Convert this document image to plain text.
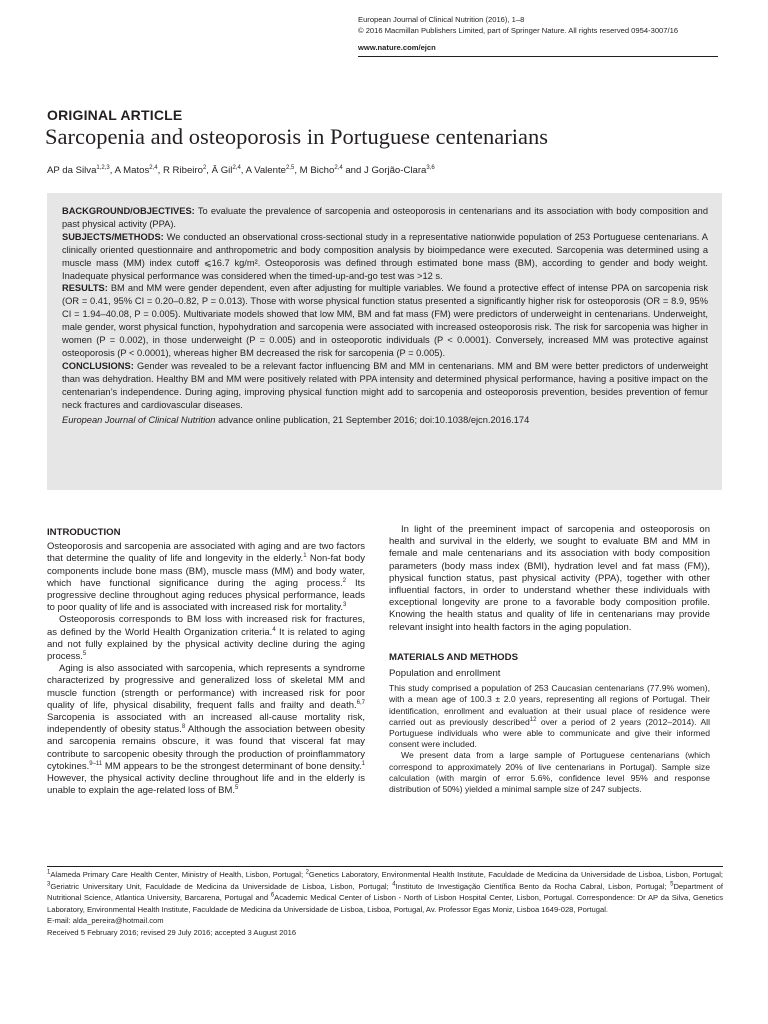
European Journal of Clinical Nutrition (2016), 1–8
© 2016 Macmillan Publishers Limited, part of Springer Nature. All rights reserved 0954-3007/16
www.nature.com/ejcn
ORIGINAL ARTICLE
Sarcopenia and osteoporosis in Portuguese centenarians
AP da Silva$^{1,2,3}$, A Matos$^{2,4}$, R Ribeiro$^2$, Â Gil$^{2,4}$, A Valente$^{2,5}$, M Bicho$^{2,4}$ and J Gorjão-Clara$^{3,6}$

BACKGROUND/OBJECTIVES: To evaluate the prevalence of sarcopenia and osteoporosis in centenarians and its association with body composition and past physical activity (PPA).

SUBJECTS/METHODS: We conducted an observational cross-sectional study in a representative nationwide population of 253 Portuguese centenarians. A clinically oriented questionnaire and anthropometric and body composition analysis by bioimpedance were executed. Sarcopenia was determined using a muscle mass (MM) index cutoff ⩽16.7 kg/m². Osteoporosis was defined through estimated bone mass (BM), according to gender and body weight. Inadequate physical performance was considered when the timed-up-and-go test was >12 s.

RESULTS: BM and MM were gender dependent, even after adjusting for multiple variables. We found a protective effect of intense PPA on sarcopenia risk (OR = 0.41, 95% CI = 0.20–0.82, P = 0.013). Those with worse physical function status presented a significantly higher risk for osteoporosis (OR = 8.9, 95% CI = 1.94–40.08, P = 0.005). Multivariate models showed that low MM, BM and fat mass (FM) were predictors of underweight in centenarians. Underweight, male gender, worst physical function, hypohydration and sarcopenia were associated with increased osteoporosis risk. The risk for sarcopenia was higher in women (P = 0.002), in those underweight (P = 0.005) and in osteoporotic individuals (P < 0.0001). Conversely, increased MM was protective against osteoporosis (P < 0.0001), whereas higher BM decreased the risk for sarcopenia (P = 0.005).

CONCLUSIONS: Gender was revealed to be a relevant factor influencing BM and MM in centenarians. MM and BM were better predictors of underweight than was dehydration. Healthy BM and MM were positively related with PPA intensity and determined physical performance, having a positive impact on the centenarian’s independence. During aging, improving physical function might add to sarcopenia and osteoporosis prevention, besides prevention of femur neck fractures and cardiovascular diseases.

European Journal of Clinical Nutrition advance online publication, 21 September 2016; doi:10.1038/ejcn.2016.174

INTRODUCTION

Osteoporosis and sarcopenia are associated with aging and are two factors that determine the quality of life and longevity in the elderly.$^1$ Non-fat body components include bone mass (BM), muscle mass (MM) and body water, which have functional significance during the aging process.$^2$ Its progressive decline throughout aging reduces physical performance, leads to poor quality of life and is associated with increased risk for mortality.$^3$

Osteoporosis corresponds to BM loss with increased risk for fractures, as defined by the World Health Organization criteria.$^4$ It is related to aging and not fully explained by the physical activity decline during the aging process.$^5$

Aging is also associated with sarcopenia, which represents a syndrome characterized by progressive and generalized loss of skeletal MM and muscle function (strength or performance) with increased risk for poor quality of life, physical disability, frequent falls and frailty and death.$^{6,7}$ Sarcopenia is associated with an increased all-cause mortality risk, independently of obesity status.$^8$ Although the association between obesity and sarcopenia remains obscure, it was found that visceral fat may contribute to sarcopenic obesity through the production of proinflammatory cytokines.$^{9-11}$ MM appears to be the strongest determinant of bone density.$^1$ However, the physical activity decline throughout life and in the elderly is unable to explain the age-related loss of BM.$^5$

In light of the preeminent impact of sarcopenia and osteoporosis on health and survival in the elderly, we sought to evaluate BM and MM in female and male centenarians and its association with body composition parameters (body mass index (BMI), hydration level and fat mass (FM)), physical function status, past physical activity (PPA), together with other influential factors, in order to understand whether these individuals with exceptional longevity are prone to a favorable body composition profile. Knowing the health status and quality of life in centenarians may provide relevant insight into health factors in the aging population.

MATERIALS AND METHODS
Population and enrollment

This study comprised a population of 253 Caucasian centenarians (77.9% women), with a mean age of 100.3 ± 2.0 years, representing all regions of Portugal. Their identification, enrollment and evaluation at their usual place of residence were carried out as previously described$^{12}$ over a period of 2 years (2012–2014). All Portuguese individuals who were able to communicate and give their informed consent were included.

We present data from a large sample of Portuguese centenarians (which correspond to approximately 20% of live centenarians in Portugal). Sample size calculation (with margin of error 5.6%, confidence level 95% and response distribution of 50%) yielded a minimal sample size of 247 subjects.

$^1$Alameda Primary Care Health Center, Ministry of Health, Lisbon, Portugal; $^2$Genetics Laboratory, Environmental Health Institute, Faculdade de Medicina da Universidade de Lisboa, Lisbon, Portugal; $^3$Geriatric Universitary Unit, Faculdade de Medicina da Universidade de Lisboa, Lisbon, Portugal; $^4$Instituto de Investigação Científica Bento da Rocha Cabral, Lisbon, Portugal; $^5$Department of Nutritional Science, Atlantica University, Barcarena, Portugal and $^6$Academic Medical Center of Lisbon - North of Lisbon Hospital Center, Lisbon, Portugal. Correspondence: Dr AP da Silva, Genetics Laboratory, Environmental Health Institute, Faculdade de Medicina da Universidade de Lisboa, Lisboa, Portugal, Av. Professor Egas Moniz, Lisboa 1649-028, Portugal.

E-mail: alda_pereira@hotmail.com

Received 5 February 2016; revised 29 July 2016; accepted 3 August 2016
